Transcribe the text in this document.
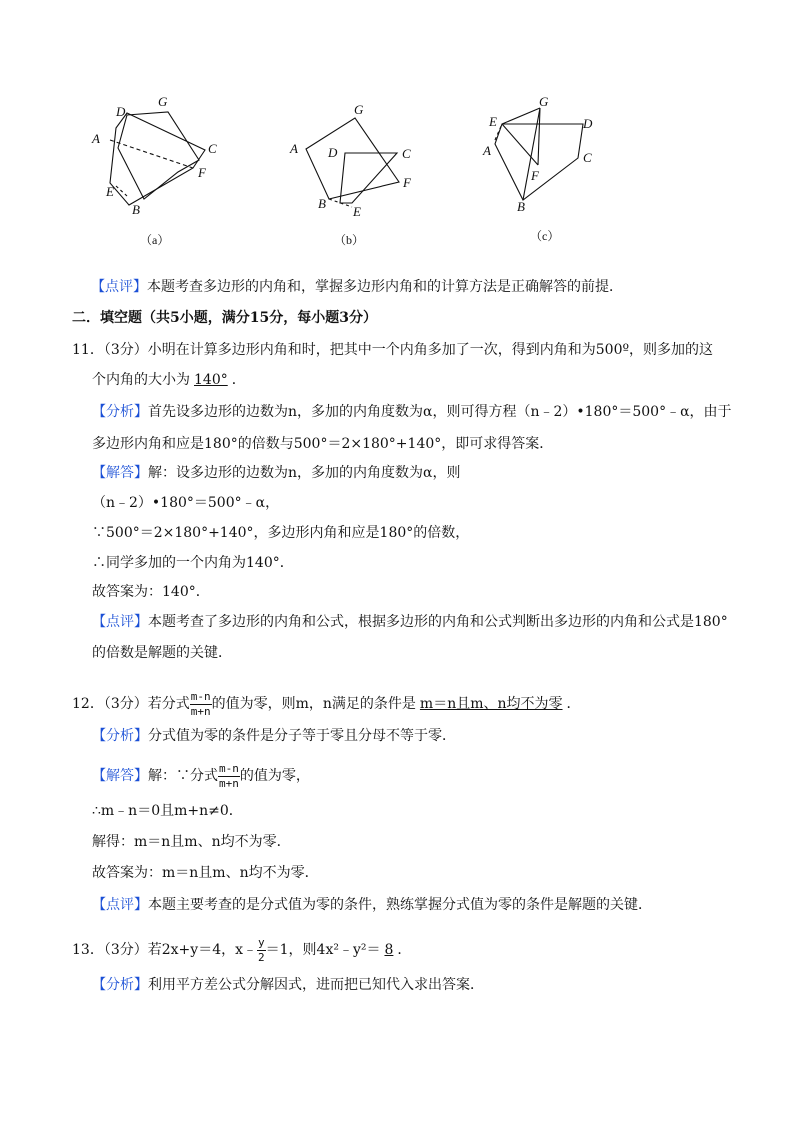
D
G
A
C
F
E
B
（a）
G
A D	C
F
B
E
（b）
G
E	D
A	C
F
B
（c）
【点评】本题考查多边形的内角和，掌握多边形内角和的计算方法是正确解答的前提．
二．填空题（共5小题，满分15分，每小题3分）
11．（3分）小明在计算多边形内角和时，把其中一个内角多加了一次，得到内角和为500º，则多加的这
个内角的大小为 140° ．
【分析】首先设多边形的边数为n，多加的内角度数为α，则可得方程（n﹣2）•180°＝500°﹣α，由于
多边形内角和应是180°的倍数与500°＝2×180°+140°，即可求得答案．
【解答】解：设多边形的边数为n，多加的内角度数为α，则
（n﹣2）•180°＝500°﹣α，
∵500°＝2×180°+140°，多边形内角和应是180°的倍数，
∴同学多加的一个内角为140°．
故答案为：140°．
【点评】本题考查了多边形的内角和公式，根据多边形的内角和公式判断出多边形的内角和公式是180°
的倍数是解题的关键．
12．（3分）若分式 $\frac{m-n}{m+n}$ 的值为零，则m，n满足的条件是 m＝n且m、n均不为零 ．
【分析】分式值为零的条件是分子等于零且分母不等于零．
【解答】解：∵分式 $\frac{m-n}{m+n}$ 的值为零，
∴m﹣n＝0且m+n≠0．
解得：m＝n且m、n均不为零．
故答案为：m＝n且m、n均不为零．
【点评】本题主要考查的是分式值为零的条件，熟练掌握分式值为零的条件是解题的关键．
13．（3分）若2x+y＝4，x﹣ $\frac{y}{2} =1$，则4x²﹣y²＝ 8 ．
【分析】利用平方差公式分解因式，进而把已知代入求出答案．
